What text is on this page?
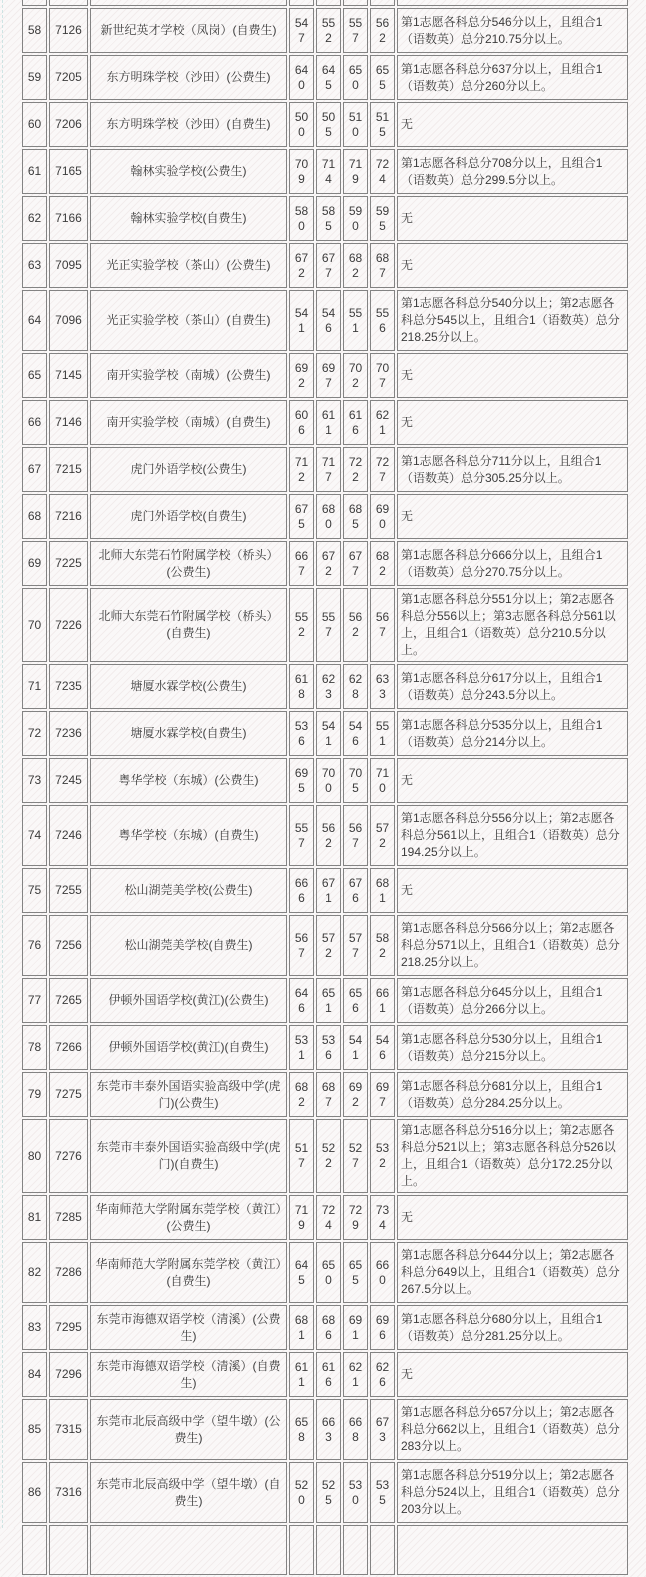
58	7126	新世纪英才学校（凤岗）(自费生)	547	552	557	562	第1志愿各科总分546分以上，且组合1（语数英）总分210.75分以上。
59	7205	东方明珠学校（沙田）(公费生)	640	645	650	655	第1志愿各科总分637分以上，且组合1（语数英）总分260分以上。
60	7206	东方明珠学校（沙田）(自费生)	500	505	510	515	无
61	7165	翰林实验学校(公费生)	709	714	719	724	第1志愿各科总分708分以上，且组合1（语数英）总分299.5分以上。
62	7166	翰林实验学校(自费生)	580	585	590	595	无
63	7095	光正实验学校（茶山）(公费生)	672	677	682	687	无
64	7096	光正实验学校（茶山）(自费生)	541	546	551	556	第1志愿各科总分540分以上；第2志愿各科总分545以上，且组合1（语数英）总分218.25分以上。
65	7145	南开实验学校（南城）(公费生)	692	697	702	707	无
66	7146	南开实验学校（南城）(自费生)	606	611	616	621	无
67	7215	虎门外语学校(公费生)	712	717	722	727	第1志愿各科总分711分以上，且组合1（语数英）总分305.25分以上。
68	7216	虎门外语学校(自费生)	675	680	685	690	无
69	7225	北师大东莞石竹附属学校（桥头）(公费生)	667	672	677	682	第1志愿各科总分666分以上，且组合1（语数英）总分270.75分以上。
70	7226	北师大东莞石竹附属学校（桥头）(自费生)	552	557	562	567	第1志愿各科总分551分以上；第2志愿各科总分556以上；第3志愿各科总分561以上，且组合1（语数英）总分210.5分以上。
71	7235	塘厦水霖学校(公费生)	618	623	628	633	第1志愿各科总分617分以上，且组合1（语数英）总分243.5分以上。
72	7236	塘厦水霖学校(自费生)	536	541	546	551	第1志愿各科总分535分以上，且组合1（语数英）总分214分以上。
73	7245	粤华学校（东城）(公费生)	695	700	705	710	无
74	7246	粤华学校（东城）(自费生)	557	562	567	572	第1志愿各科总分556分以上；第2志愿各科总分561以上，且组合1（语数英）总分194.25分以上。
75	7255	松山湖莞美学校(公费生)	666	671	676	681	无
76	7256	松山湖莞美学校(自费生)	567	572	577	582	第1志愿各科总分566分以上；第2志愿各科总分571以上，且组合1（语数英）总分218.25分以上。
77	7265	伊顿外国语学校(黄江)(公费生)	646	651	656	661	第1志愿各科总分645分以上，且组合1（语数英）总分266分以上。
78	7266	伊顿外国语学校(黄江)(自费生)	531	536	541	546	第1志愿各科总分530分以上，且组合1（语数英）总分215分以上。
79	7275	东莞市丰泰外国语实验高级中学(虎门)(公费生)	682	687	692	697	第1志愿各科总分681分以上，且组合1（语数英）总分284.25分以上。
80	7276	东莞市丰泰外国语实验高级中学(虎门)(自费生)	517	522	527	532	第1志愿各科总分516分以上；第2志愿各科总分521以上；第3志愿各科总分526以上，且组合1（语数英）总分172.25分以上。
81	7285	华南师范大学附属东莞学校（黄江）(公费生)	719	724	729	734	无
82	7286	华南师范大学附属东莞学校（黄江）(自费生)	645	650	655	660	第1志愿各科总分644分以上；第2志愿各科总分649以上，且组合1（语数英）总分267.5分以上。
83	7295	东莞市海德双语学校（清溪）(公费生)	681	686	691	696	第1志愿各科总分680分以上，且组合1（语数英）总分281.25分以上。
84	7296	东莞市海德双语学校（清溪）(自费生)	611	616	621	626	无
85	7315	东莞市北辰高级中学（望牛墩）(公费生)	658	663	668	673	第1志愿各科总分657分以上；第2志愿各科总分662以上，且组合1（语数英）总分283分以上。
86	7316	东莞市北辰高级中学（望牛墩）(自费生)	520	525	530	535	第1志愿各科总分519分以上；第2志愿各科总分524以上，且组合1（语数英）总分203分以上。
